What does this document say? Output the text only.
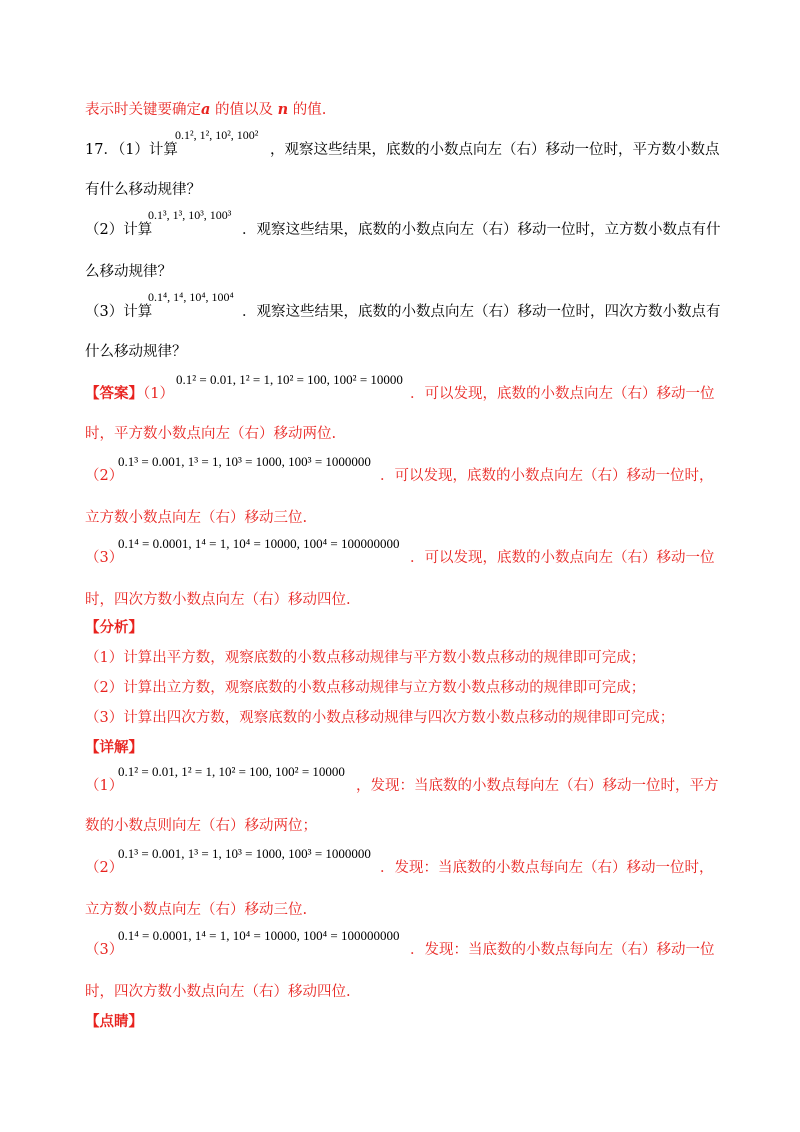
表示时关键要确定a 的值以及 n 的值.
17．（1）计算
0.1², 1², 10², 100²
，观察这些结果，底数的小数点向左（右）移动一位时，平方数小数点
有什么移动规律？
（2）计算
0.1³, 1³, 10³, 100³
．观察这些结果，底数的小数点向左（右）移动一位时，立方数小数点有什
么移动规律？
（3）计算
0.1⁴, 1⁴, 10⁴, 100⁴
．观察这些结果，底数的小数点向左（右）移动一位时，四次方数小数点有
什么移动规律？
【答案】（1）
0.1² = 0.01, 1² = 1, 10² = 100, 100² = 10000
．可以发现，底数的小数点向左（右）移动一位
时，平方数小数点向左（右）移动两位.
（2）
0.1³ = 0.001, 1³ = 1, 10³ = 1000, 100³ = 1000000
．可以发现，底数的小数点向左（右）移动一位时，
立方数小数点向左（右）移动三位.
（3）
0.1⁴ = 0.0001, 1⁴ = 1, 10⁴ = 10000, 100⁴ = 100000000
．可以发现，底数的小数点向左（右）移动一位
时，四次方数小数点向左（右）移动四位.
【分析】
（1）计算出平方数，观察底数的小数点移动规律与平方数小数点移动的规律即可完成；
（2）计算出立方数，观察底数的小数点移动规律与立方数小数点移动的规律即可完成；
（3）计算出四次方数，观察底数的小数点移动规律与四次方数小数点移动的规律即可完成；
【详解】
（1）
0.1² = 0.01, 1² = 1, 10² = 100, 100² = 10000
，发现：当底数的小数点每向左（右）移动一位时，平方
数的小数点则向左（右）移动两位；
（2）
0.1³ = 0.001, 1³ = 1, 10³ = 1000, 100³ = 1000000
．发现：当底数的小数点每向左（右）移动一位时，
立方数小数点向左（右）移动三位.
（3）
0.1⁴ = 0.0001, 1⁴ = 1, 10⁴ = 10000, 100⁴ = 100000000
．发现：当底数的小数点每向左（右）移动一位
时，四次方数小数点向左（右）移动四位.
【点睛】
